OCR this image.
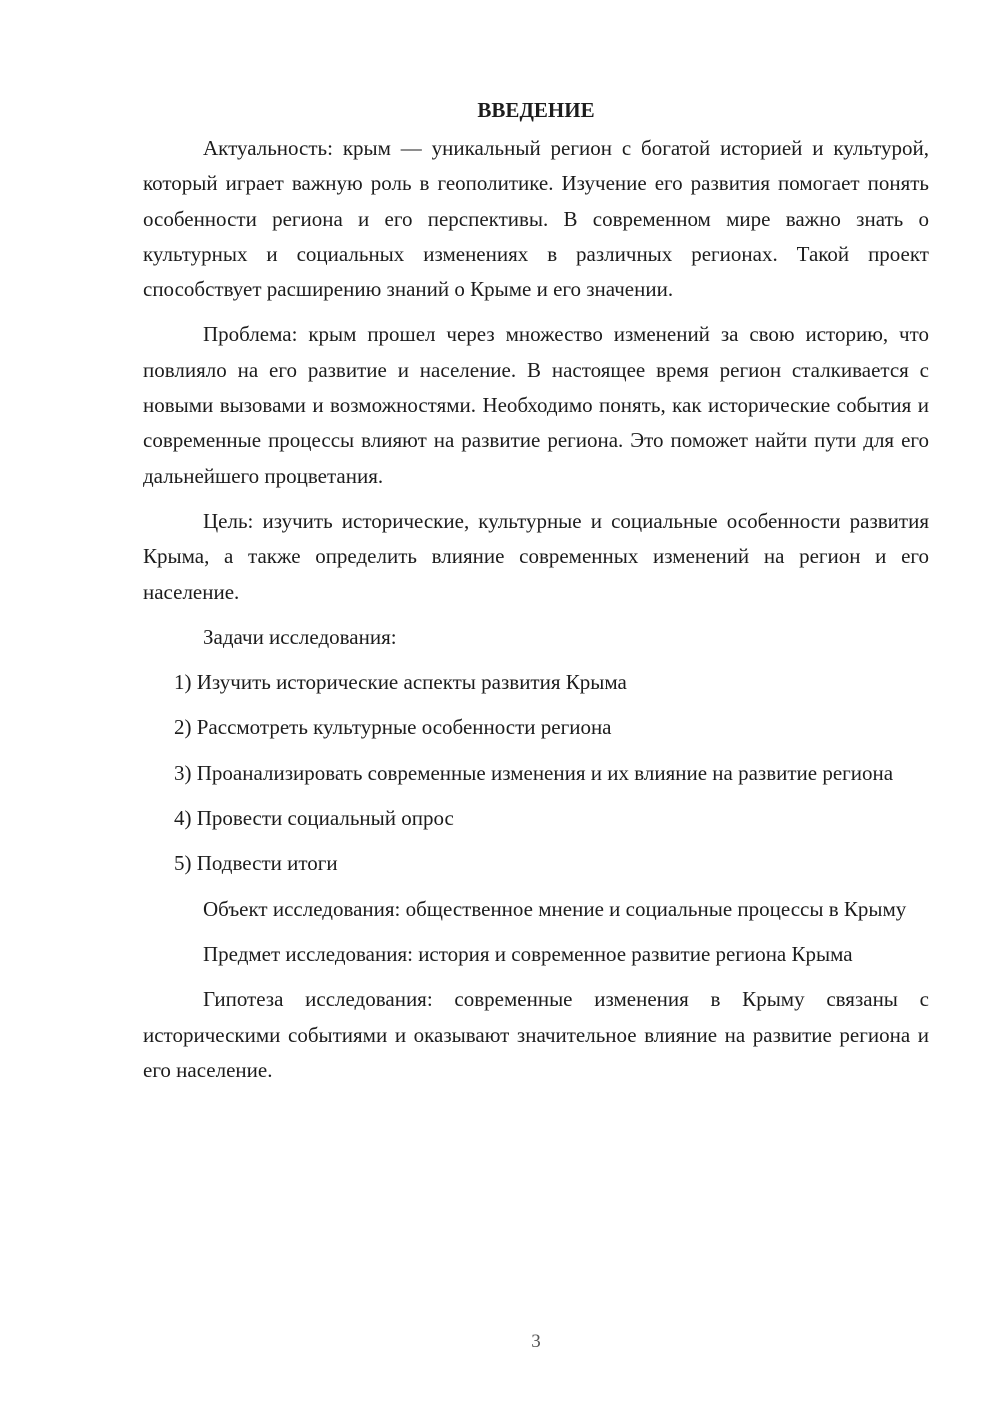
ВВЕДЕНИЕ

Актуальность: крым — уникальный регион с богатой историей и культурой, который играет важную роль в геополитике. Изучение его развития помогает понять особенности региона и его перспективы. В современном мире важно знать о культурных и социальных изменениях в различных регионах. Такой проект способствует расширению знаний о Крыме и его значении.

Проблема: крым прошел через множество изменений за свою историю, что повлияло на его развитие и население. В настоящее время регион сталкивается с новыми вызовами и возможностями. Необходимо понять, как исторические события и современные процессы влияют на развитие региона. Это поможет найти пути для его дальнейшего процветания.

Цель: изучить исторические, культурные и социальные особенности развития Крыма, а также определить влияние современных изменений на регион и его население.

Задачи исследования:

1) Изучить исторические аспекты развития Крыма

2) Рассмотреть культурные особенности региона

3) Проанализировать современные изменения и их влияние на развитие региона

4) Провести социальный опрос

5) Подвести итоги

Объект исследования: общественное мнение и социальные процессы в Крыму

Предмет исследования: история и современное развитие региона Крыма

Гипотеза исследования: современные изменения в Крыму связаны с историческими событиями и оказывают значительное влияние на развитие региона и его население.

3
